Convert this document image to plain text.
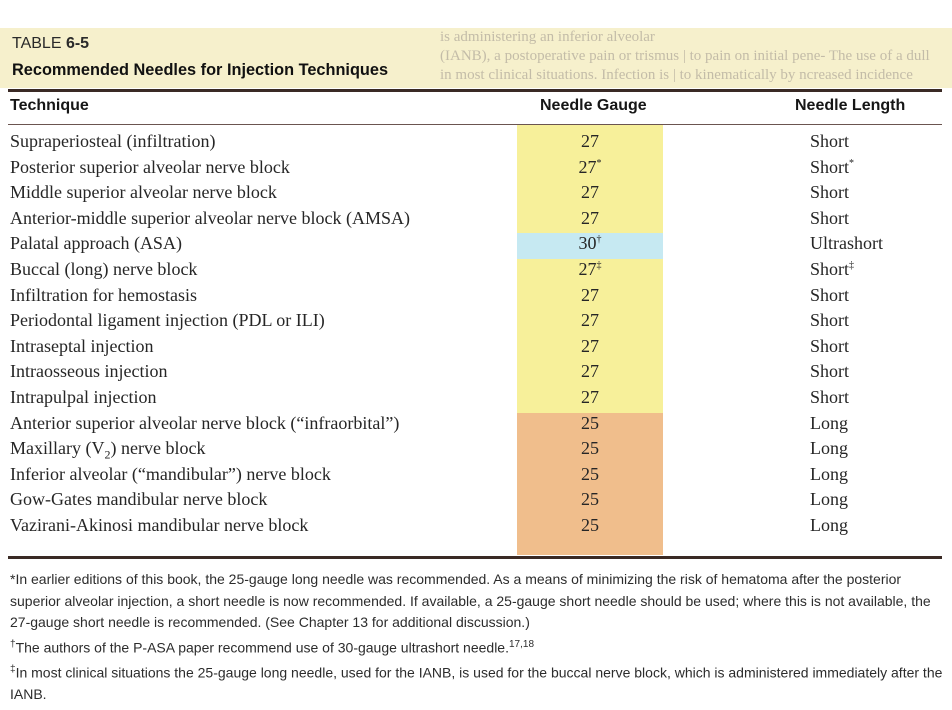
is administering an inferior alveolar
(IANB), a postoperative pain or trismus | to pain on initial pene- The use of a dull
in most clinical situations. Infection is | to kinematically by ncreased incidence
TABLE 6-5
Recommended Needles for Injection Techniques
Technique	Needle Gauge	Needle Length
Supraperiosteal (infiltration)	27	Short
Posterior superior alveolar nerve block	27*	Short*
Middle superior alveolar nerve block	27	Short
Anterior-middle superior alveolar nerve block (AMSA)	27	Short
Palatal approach (ASA)	30†	Ultrashort
Buccal (long) nerve block	27‡	Short‡
Infiltration for hemostasis	27	Short
Periodontal ligament injection (PDL or ILI)	27	Short
Intraseptal injection	27	Short
Intraosseous injection	27	Short
Intrapulpal injection	27	Short
Anterior superior alveolar nerve block (“infraorbital”)	25	Long
Maxillary $(V_2)$ nerve block	25	Long
Inferior alveolar (“mandibular”) nerve block	25	Long
Gow-Gates mandibular nerve block	25	Long
Vazirani-Akinosi mandibular nerve block	25	Long

*In earlier editions of this book, the 25-gauge long needle was recommended. As a means of minimizing the risk of hematoma after the posterior superior alveolar injection, a short needle is now recommended. If available, a 25-gauge short needle should be used; where this is not available, the 27-gauge short needle is recommended. (See Chapter 13 for additional discussion.)

†The authors of the P-ASA paper recommend use of 30-gauge ultrashort needle.$^{17,18}$

‡In most clinical situations the 25-gauge long needle, used for the IANB, is used for the buccal nerve block, which is administered immediately after the IANB.
